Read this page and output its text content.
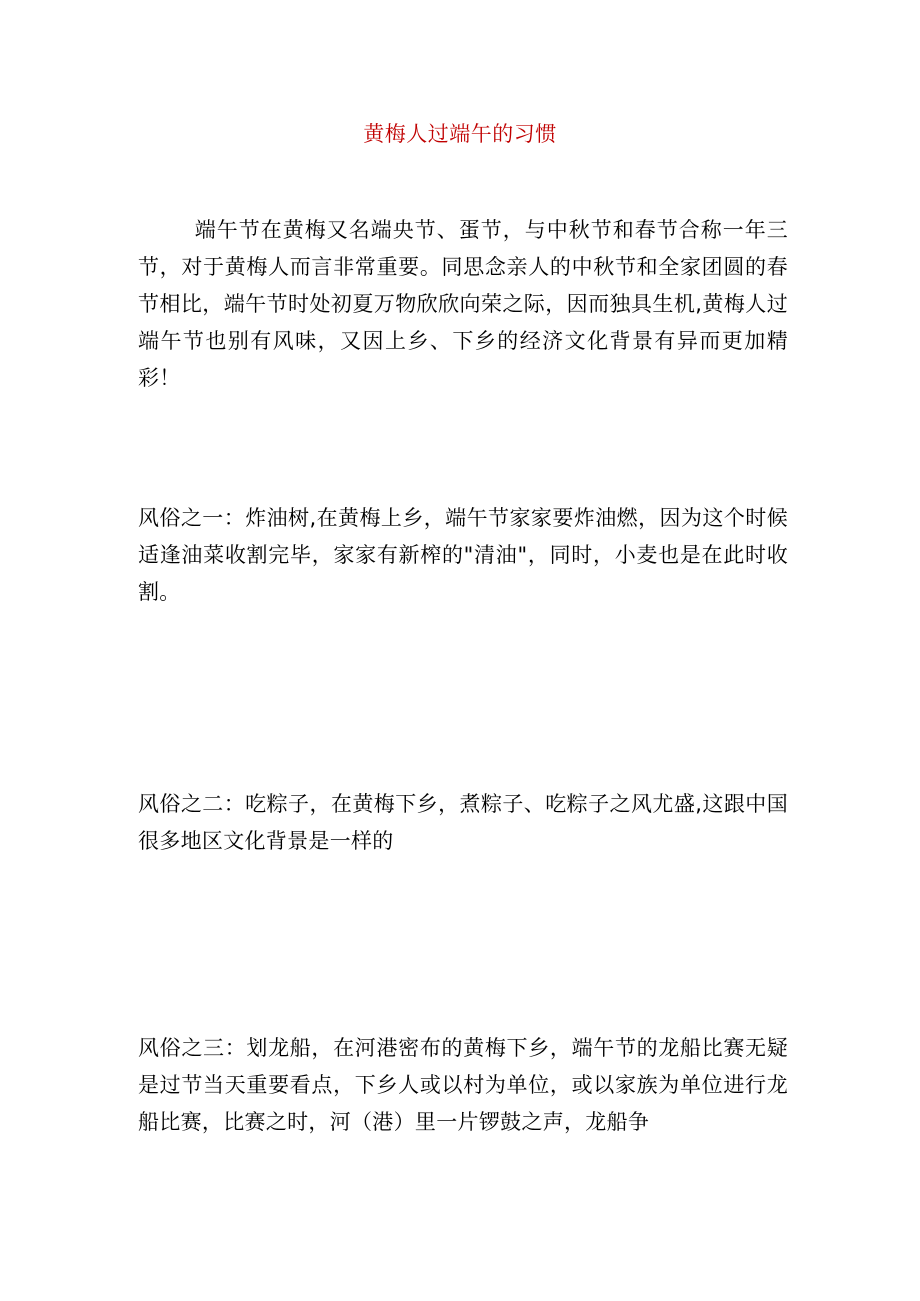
黄梅人过端午的习惯
端午节在黄梅又名端央节、蛋节，与中秋节和春节合称一年三节，对于黄梅人而言非常重要。同思念亲人的中秋节和全家团圆的春节相比，端午节时处初夏万物欣欣向荣之际，因而独具生机,黄梅人过端午节也别有风味，又因上乡、下乡的经济文化背景有异而更加精彩！
风俗之一：炸油树,在黄梅上乡，端午节家家要炸油燃，因为这个时候适逢油菜收割完毕，家家有新榨的"清油"，同时，小麦也是在此时收割。
风俗之二：吃粽子，在黄梅下乡，煮粽子、吃粽子之风尤盛,这跟中国很多地区文化背景是一样的
风俗之三：划龙船，在河港密布的黄梅下乡，端午节的龙船比赛无疑是过节当天重要看点，下乡人或以村为单位，或以家族为单位进行龙船比赛，比赛之时，河（港）里一片锣鼓之声，龙船争
